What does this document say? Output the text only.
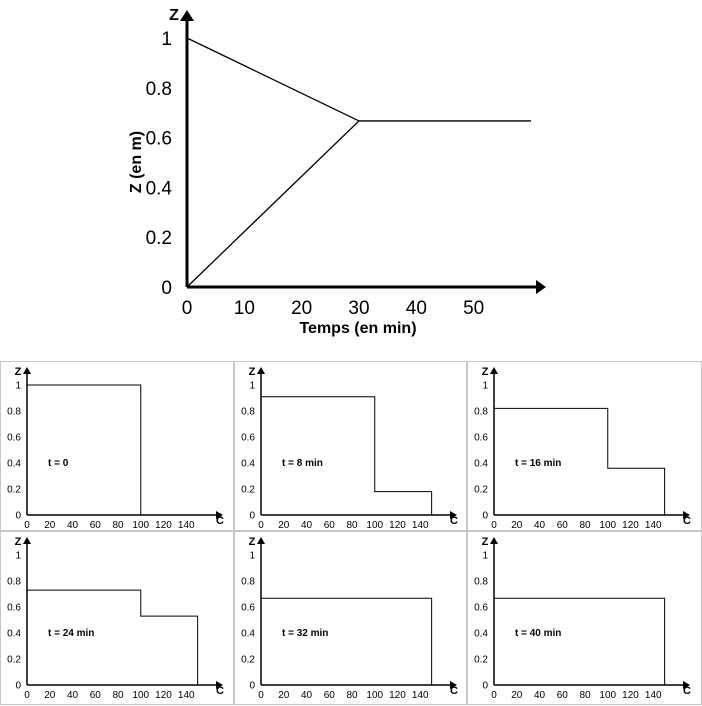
0 10 20 30 40 50
0
0.2
0.4
0.6
0.8
1
Temps (en min)
Z (en m)
Z
Z
C
0 20 40 60 80 100 120 140
0
0.2
0.4
0.6
0.8
1
t = 0
Z
C
0 20 40 60 80 100 120 140
0
0.2
0.4
0.6
0.8
1
t = 8 min
Z
C
0 20 40 60 80 100 120 140
0
0.2
0.4
0.6
0.8
1
t = 16 min
Z
C
0 20 40 60 80 100 120 140
0
0.2
0.4
0.6
0.8
1
t = 24 min
Z
C
0 20 40 60 80 100 120 140
0
0.2
0.4
0.6
0.8
1
t = 32 min
Z
C
0 20 40 60 80 100 120 140
0
0.2
0.4
0.6
0.8
1
t = 40 min
